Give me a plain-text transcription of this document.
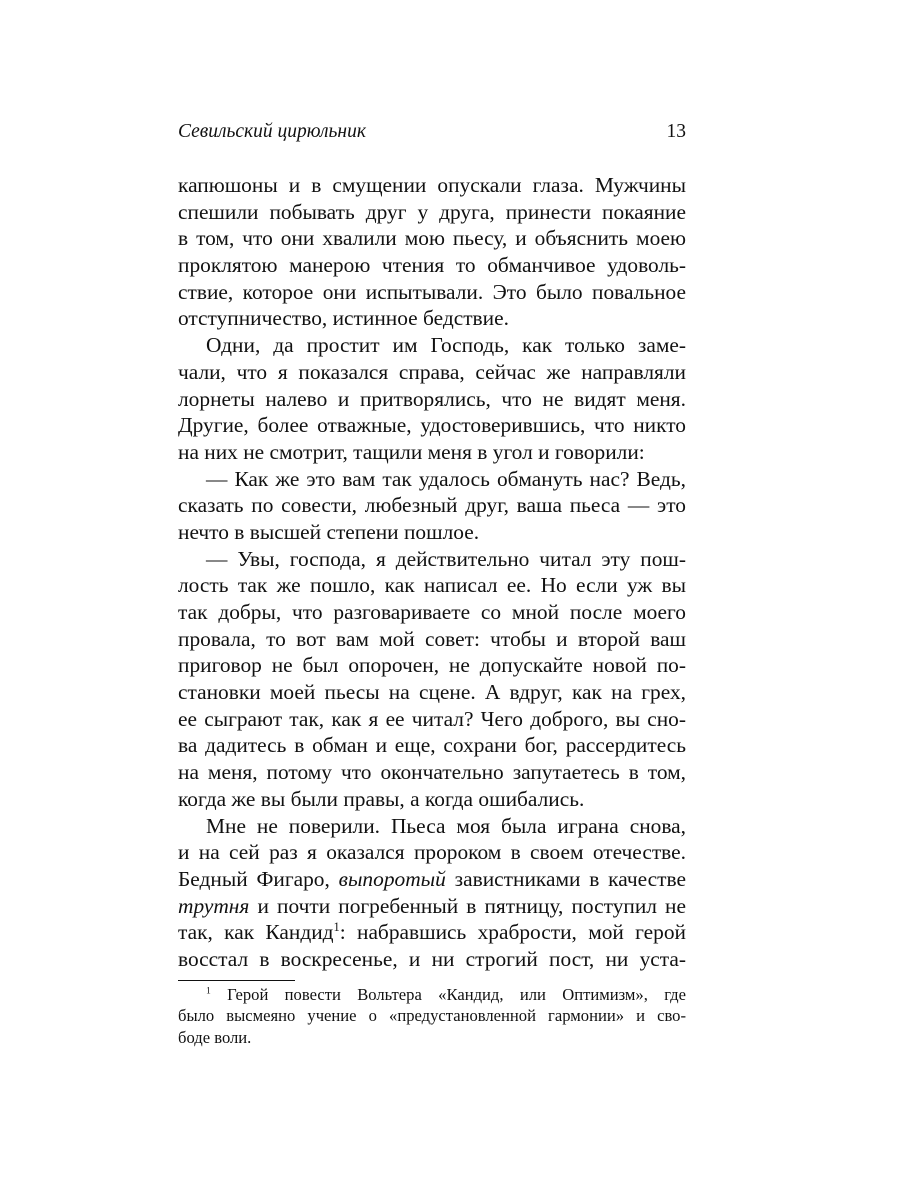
Севильский цирюльник	13
капюшоны и в смущении опускали глаза. Мужчины
спешили побывать друг у друга, принести покаяние
в том, что они хвалили мою пьесу, и объяснить моею
проклятою манерою чтения то обманчивое удоволь-
ствие, которое они испытывали. Это было повальное
отступничество, истинное бедствие.
Одни, да простит им Господь, как только заме-
чали, что я показался справа, сейчас же направляли
лорнеты налево и притворялись, что не видят меня.
Другие, более отважные, удостоверившись, что никто
на них не смотрит, тащили меня в угол и говорили:
— Как же это вам так удалось обмануть нас? Ведь,
сказать по совести, любезный друг, ваша пьеса — это
нечто в высшей степени пошлое.
— Увы, господа, я действительно читал эту пош-
лость так же пошло, как написал ее. Но если уж вы
так добры, что разговариваете со мной после моего
провала, то вот вам мой совет: чтобы и второй ваш
приговор не был опорочен, не допускайте новой по-
становки моей пьесы на сцене. А вдруг, как на грех,
ее сыграют так, как я ее читал? Чего доброго, вы сно-
ва дадитесь в обман и еще, сохрани бог, рассердитесь
на меня, потому что окончательно запутаетесь в том,
когда же вы были правы, а когда ошибались.
Мне не поверили. Пьеса моя была играна снова,
и на сей раз я оказался пророком в своем отечестве.
Бедный Фигаро, выпоротый завистниками в качестве
трутня и почти погребенный в пятницу, поступил не
так, как Кандид$^1$: набравшись храбрости, мой герой
восстал в воскресенье, и ни строгий пост, ни уста-
$^1$ Герой повести Вольтера «Кандид, или Оптимизм», где
было высмеяно учение о «предустановленной гармонии» и сво-
боде воли.
